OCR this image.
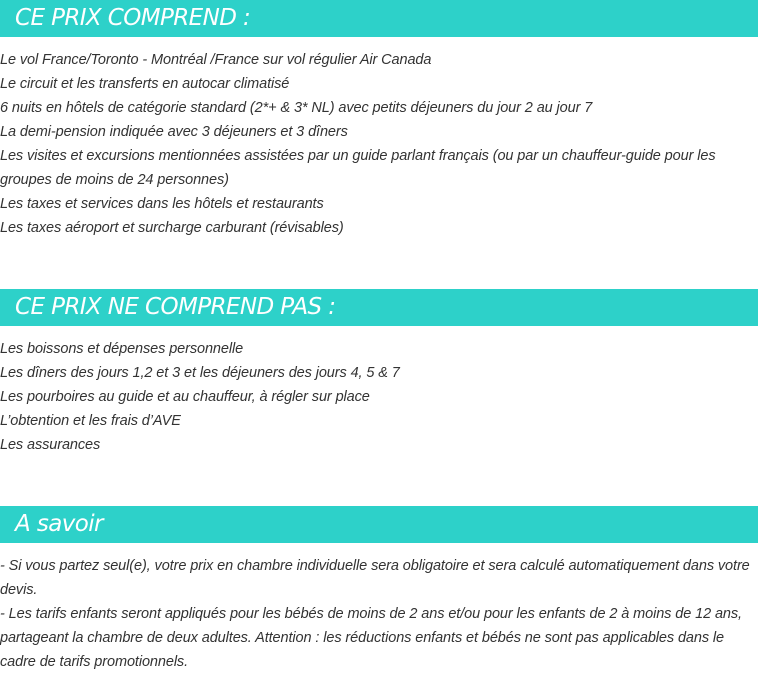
CE PRIX COMPREND :
Le vol France/Toronto - Montréal /France sur vol régulier Air Canada
Le circuit et les transferts en autocar climatisé
6 nuits en hôtels de catégorie standard (2*+ & 3* NL) avec petits déjeuners du jour 2 au jour 7
La demi-pension indiquée avec 3 déjeuners et 3 dîners
Les visites et excursions mentionnées assistées par un guide parlant français (ou par un chauffeur-guide pour les groupes de moins de 24 personnes)
Les taxes et services dans les hôtels et restaurants
Les taxes aéroport et surcharge carburant (révisables)
CE PRIX NE COMPREND PAS :
Les boissons et dépenses personnelle
Les dîners des jours 1,2 et 3 et les déjeuners des jours 4, 5 & 7
Les pourboires au guide et au chauffeur, à régler sur place
L’obtention et les frais d’AVE
Les assurances
A savoir

- Si vous partez seul(e), votre prix en chambre individuelle sera obligatoire et sera calculé automatiquement dans votre devis.

- Les tarifs enfants seront appliqués pour les bébés de moins de 2 ans et/ou pour les enfants de 2 à moins de 12 ans, partageant la chambre de deux adultes. Attention : les réductions enfants et bébés ne sont pas applicables dans le cadre de tarifs promotionnels.
